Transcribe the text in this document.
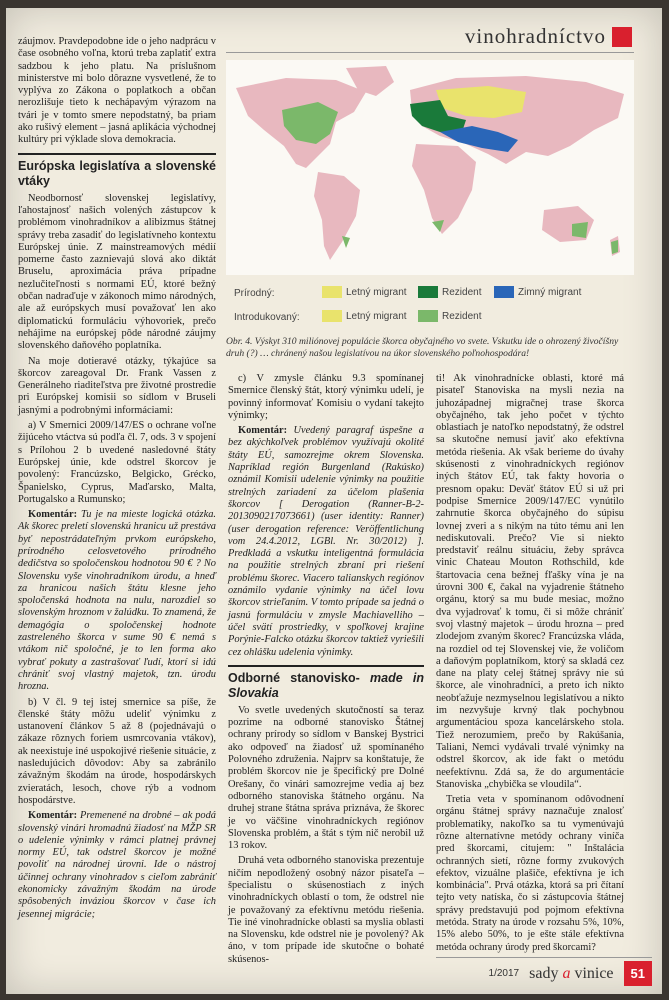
vinohradníctvo

záujmov. Pravdepodobne ide o jeho nadprácu v čase osobného voľna, ktorú treba zaplatiť extra sadzbou k jeho platu. Na príslušnom ministerstve mi bolo dôrazne vysvetlené, že to vyplýva zo Zákona o poplatkoch a občan nerozlišuje tieto k nechápavým výrazom na tvári je v tomto smere nepodstatný, ba priam ako rušivý element – jasná aplikácia východnej kultúry pri výklade slova demokracia.

Európska legislatíva a slovenské vtáky

Neodbornosť slovenskej legislatívy, ľahostajnosť našich volených zástupcov k problémom vinohradníkov a alibizmus štátnej správy treba zasadiť do legislatívneho kontextu Európskej únie. Z mainstreamových médií pomerne často zaznievajú slová ako diktát Bruselu, aproximácia práva prípadne nezlučiteľnosti s normami EÚ, ktoré bežný občan nadraďuje v zákonoch mimo národných, ale až európskych musí považovať len ako diplomatickú formuláciu výhovoriek, prečo nehájime na európskej pôde národné záujmy slovenského daňového poplatníka.

Na moje dotieravé otázky, týkajúce sa škorcov zareagoval Dr. Frank Vassen z Generálneho riaditeľstva pre životné prostredie pri Európskej komisii so sídlom v Bruseli jasnými a podrobnými informáciami:

a) V Smernici 2009/147/ES o ochrane voľne žijúceho vtáctva sú podľa čl. 7, ods. 3 v spojení s Prílohou 2 b uvedené nasledovné štáty Európskej únie, kde odstrel škorcov je povolený: Francúzsko, Belgicko, Grécko, Španielsko, Cyprus, Maďarsko, Malta, Portugalsko a Rumunsko;

Komentár: Tu je na mieste logická otázka. Ak škorec preletí slovenskú hranicu už prestáva byť nepostrádateľným prvkom európskeho, prírodného celosvetového prírodného dedičstva so spoločenskou hodnotou 90 € ? No Slovensku vyše vinohradníkom úrodu, a hneď za hranicou našich štátu klesne jeho spoločenská hodnota na nulu, narozdiel so slovenským hroznom v žalúdku. To znamená, že demagógia o spoločenskej hodnote zastreleného škorca v sume 90 € nemá s vtákom nič spoločné, je to len forma ako vybrať pokuty a zastrašovať ľudí, ktorí si idú chrániť svoj vlastný majetok, tzn. úrodu hrozna.

b) V čl. 9 tej istej smernice sa píše, že členské štáty môžu udeliť výnimku z ustanovení článkov 5 až 8 (pojednávajú o zákaze rôznych foriem usmrcovania vtákov), ak neexistuje iné uspokojivé riešenie situácie, z nasledujúcich dôvodov: Aby sa zabránilo závažným škodám na úrode, hospodárskych zvieratách, lesoch, chove rýb a vodnom hospodárstve.

Komentár: Premenené na drobné – ak podá slovenský vinári hromadnú žiadosť na MŽP SR o udelenie výnimky v rámci platnej právnej normy EÚ, tak odstrel škorcov je možné povoliť na národnej úrovni. Ide o nástroj účinnej ochrany vinohradov s cieľom zabrániť ekonomicky závažným škodám na úrode spôsobených inváziou škorcov v čase ich jesennej migrácie;

Prírodný:
Introdukovaný:
Letný migrant	Rezident	Zimný migrant
Letný migrant	Rezident
Obr. 4. Výskyt 310 miliónovej populácie škorca obyčajného vo svete. Vskutku ide o ohrozený živočíšny druh (?) … chránený našou legislatívou na úkor slovenského poľnohospodára!

c) V zmysle článku 9.3 spomínanej Smernice členský štát, ktorý výnimku udelí, je povinný informovať Komisiu o vydaní takejto výnimky;

Komentár: Uvedený paragraf úspešne a bez akýchkoľvek problémov využívajú okolité štáty EÚ, samozrejme okrem Slovenska. Napríklad región Burgenland (Rakúsko) oznámil Komisii udelenie výnimky na použitie strelných zariadení za účelom plašenia škorcov [ Derogation (Ranner-B-2-2013090217073661) (user identity: Ranner) (user derogation reference: Veröffentlichung vom 24.4.2012, LGBl. Nr. 30/2012) ]. Predkladá a vskutku inteligentná formulácia na použitie strelných zbraní pri riešení problému škorec. Viacero talianskych regiónov oznámilo vydanie výnimky na účel lovu škorcov strieľaním. V tomto prípade sa jedná o jasnú formuláciu v zmysle Machiavelliho – účel svätí prostriedky, v spoľkovej krajine Porýnie-Falcko otázku škorcov taktiež vyriešili cez ohlášku udelenia výnimky.

Odborné stanovisko- made in Slovakia

Vo svetle uvedených skutočností sa teraz pozrime na odborné stanovisko Štátnej ochrany prírody so sídlom v Banskej Bystrici ako odpoveď na žiadosť už spomínaného Polovného združenia. Najprv sa konštatuje, že problém škorcov nie je špecifický pre Dolné Orešany, čo vinári samozrejme vedia aj bez odborného stanoviska štátneho orgánu. Na druhej strane štátna správa priznáva, že škorec je vo väčšine vinohradníckych regiónov Slovenska problém, a štát s tým nič nerobil už 13 rokov.

Druhá veta odborného stanoviska prezentuje ničím nepodložený osobný názor pisateľa – špecialistu o skúsenostiach z iných vinohradníckych oblastí o tom, že odstrel nie je považovaný za efektívnu metódu riešenia. Tie iné vinohradnícke oblasti sa myslia oblasti na Slovensku, kde odstrel nie je povolený? Ak áno, v tom prípade ide skutočne o bohaté skúsenos-

ti! Ak vinohradnícke oblasti, ktoré má pisateľ Stanoviska na mysli nezia na juhozápadnej migračnej trase škorca obyčajného, tak jeho počet v týchto oblastiach je natoľko nepodstatný, že odstrel sa skutočne nemusí javiť ako efektívna metóda riešenia. Ak však berieme do úvahy skúsenosti z vinohradníckych regiónov iných štátov EÚ, tak fakty hovoria o presnom opaku: Deväť štátov EÚ si už pri podpise Smernice 2009/147/EC vynútilo zahrnutie škorca obyčajného do súpisu lovnej zveri a s nikým na túto tému ani len nediskutovali. Prečo? Vie si niekto predstaviť reálnu situáciu, žeby správca vinic Chateau Mouton Rothschild, kde štartovacia cena bežnej fľašky vína je na úrovni 300 €, čakal na vyjadrenie štátneho orgánu, ktorý sa mu bude mesiac, možno dva vyjadrovať k tomu, či si môže chrániť svoj vlastný majetok – úrodu hrozna – pred zlodejom zvaným škorec? Francúzska vláda, na rozdiel od tej Slovenskej vie, že voličom a daňovým poplatníkom, ktorý sa skladá cez dane na platy celej štátnej správy nie sú škorce, ale vinohradníci, a preto ich nikto neobťažuje nezmyselnou legislatívou a nikto im nezvyšuje krvný tlak pochybnou argumentáciou spoza kancelárskeho stola. Tiež nerozumiem, prečo by Rakúšania, Taliani, Nemci vydávali trvalé výnimky na odstrel škorcov, ak ide fakt o metódu neefektívnu. Zdá sa, že do argumentácie Stanoviska „chybička se vloudila“.

Tretia veta v spomínanom odôvodnení orgánu štátnej správy naznačuje znalosť problematiky, nakoľko sa tu vymenúvajú rôzne alternatívne metódy ochrany viníča pred škorcami, citujem: " Inštalácia ochranných sietí, rôzne formy zvukových efektov, vizuálne plašiče, efektívna je ich kombinácia". Prvá otázka, ktorá sa pri čítaní tejto vety natíska, čo si zástupcovia štátnej správy predstavujú pod pojmom efektívna metóda. Straty na úrode v rozsahu 5%, 10%, 15% alebo 50%, to je ešte stále efektívna metóda ochrany úrody pred škorcami?

1/2017 sady a vinice	51
